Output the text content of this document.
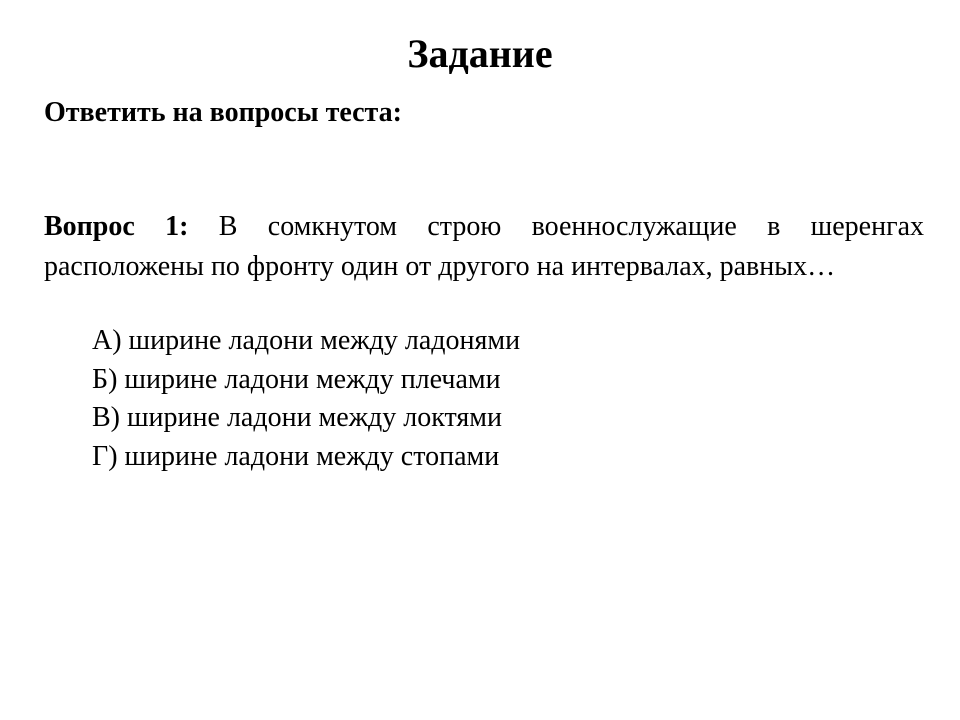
Задание

Ответить на вопросы теста:

Вопрос 1: В сомкнутом строю военнослужащие в шеренгах расположены по фронту один от другого на интервалах, равных…

А) ширине ладони между ладонями
Б) ширине ладони между плечами
В) ширине ладони между локтями
Г) ширине ладони между стопами
